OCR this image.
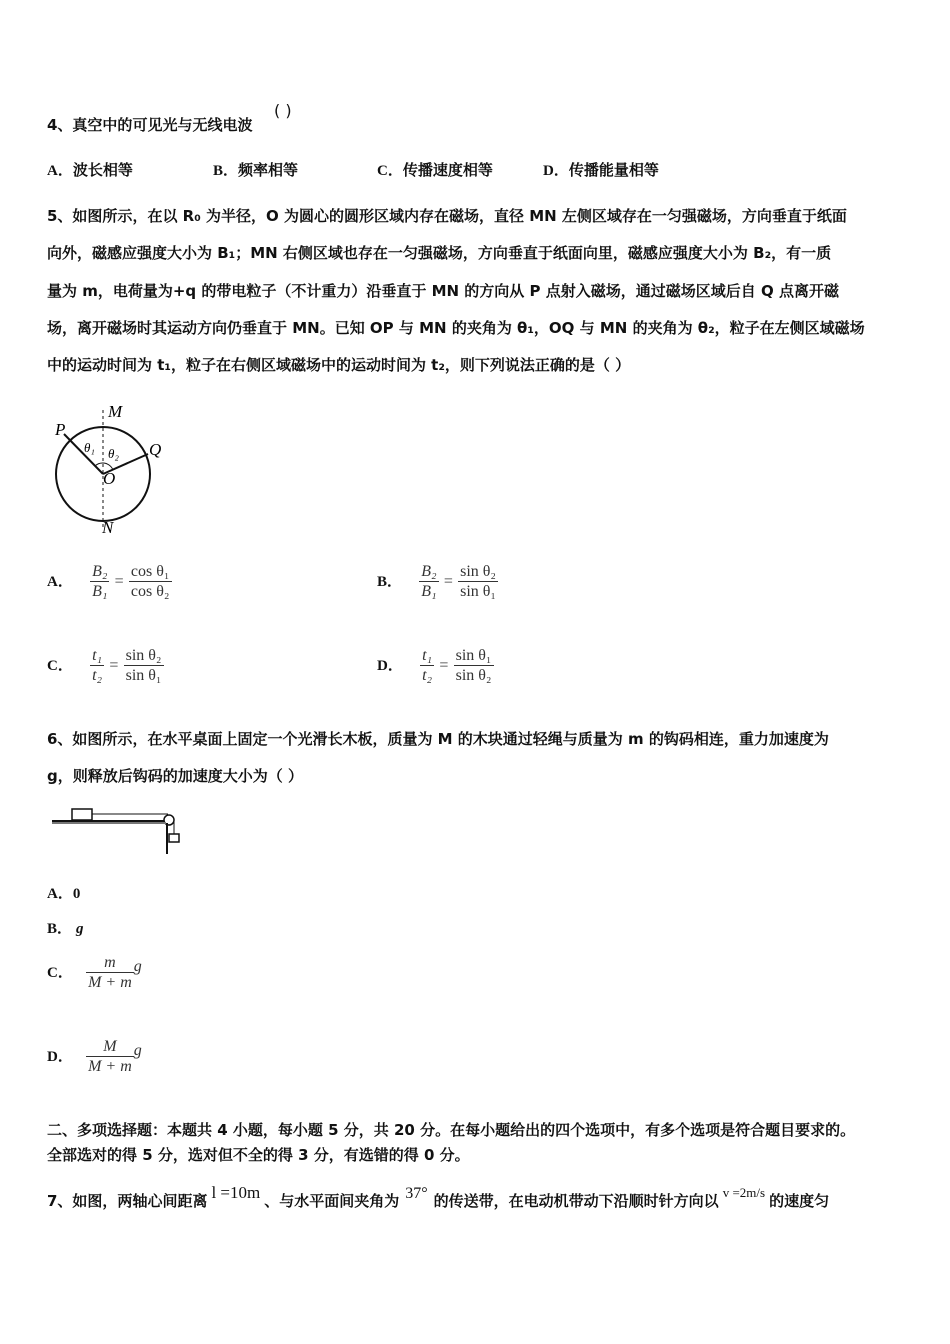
4、真空中的可见光与无线电波
( )
A．波长相等	B．频率相等	C．传播速度相等	D．传播能量相等
5、如图所示，在以 R₀ 为半径，O 为圆心的圆形区域内存在磁场，直径 MN 左侧区域存在一匀强磁场，方向垂直于纸面
向外，磁感应强度大小为 B₁；MN 右侧区域也存在一匀强磁场，方向垂直于纸面向里，磁感应强度大小为 B₂，有一质
量为 m，电荷量为+q 的带电粒子（不计重力）沿垂直于 MN 的方向从 P 点射入磁场，通过磁场区域后自 Q 点离开磁
场，离开磁场时其运动方向仍垂直于 MN。已知 OP 与 MN 的夹角为 θ₁，OQ 与 MN 的夹角为 θ₂，粒子在左侧区域磁场
中的运动时间为 t₁，粒子在右侧区域磁场中的运动时间为 t₂，则下列说法正确的是（ ）
M
N
P
Q
O
θ₁ θ₂
A． $\frac{\text{B₂}}{\text{B₁}} = \frac{\text{cos θ₁}}{\text{cos θ₂}}$	B． $\frac{\text{B₂}}{\text{B₁}} = \frac{\text{sin θ₂}}{\text{sin θ₁}}$
C． $\frac{\text{t₁}}{\text{t₂}} = \frac{\text{sin θ₂}}{\text{sin θ₁}}$	D． $\frac{\text{t₁}}{\text{t₂}} = \frac{\text{sin θ₁}}{\text{sin θ₂}}$
6、如图所示，在水平桌面上固定一个光滑长木板，质量为 M 的木块通过轻绳与质量为 m 的钩码相连，重力加速度为
g，则释放后钩码的加速度大小为（ ）
A．0
B． g
C． $\frac{m}{M + m}$ g
D． $\frac{M}{M + m}$ g
二、多项选择题：本题共 4 小题，每小题 5 分，共 20 分。在每小题给出的四个选项中，有多个选项是符合题目要求的。
全部选对的得 5 分，选对但不全的得 3 分，有选错的得 0 分。
7、如图，两轴心间距离 l =10m 、与水平面间夹角为 37° 的传送带，在电动机带动下沿顺时针方向以 v =2m/s 的速度匀
